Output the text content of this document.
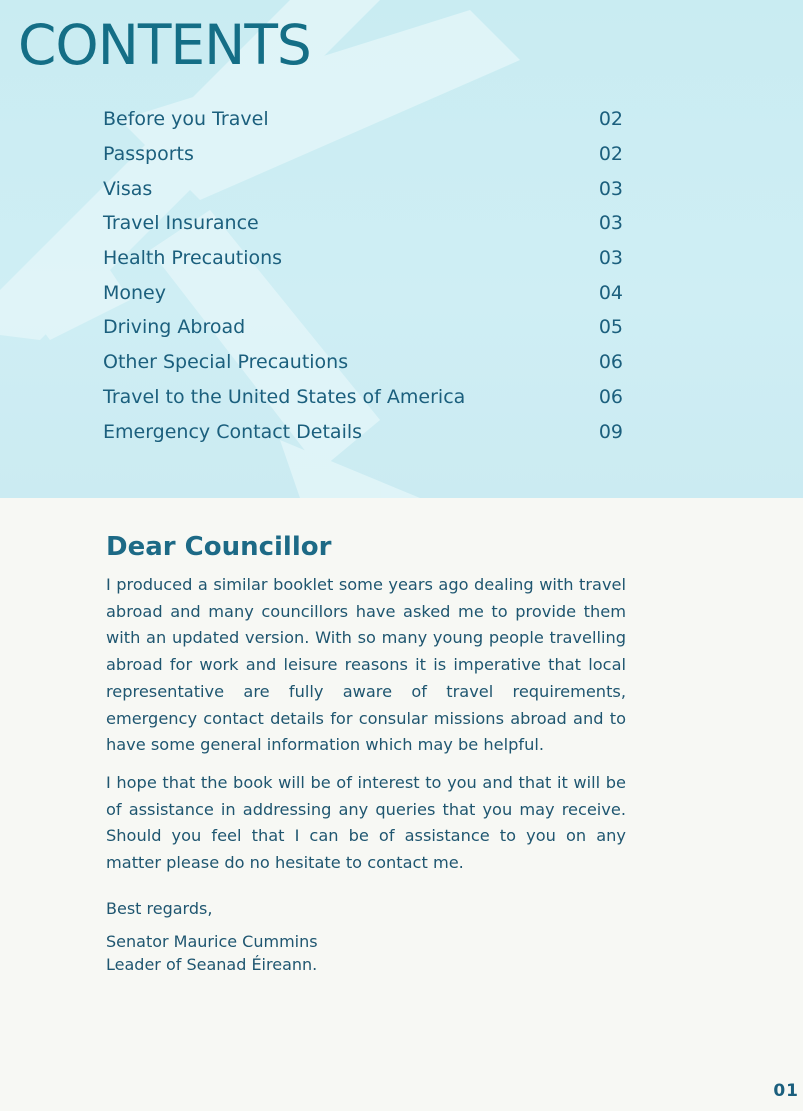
CONTENTS
Before you Travel	02
Passports	02
Visas	03
Travel Insurance	03
Health Precautions	03
Money	04
Driving Abroad	05
Other Special Precautions	06
Travel to the United States of America	06
Emergency Contact Details	09
Dear Councillor

I produced a similar booklet some years ago dealing with travel abroad and many councillors have asked me to provide them with an updated version. With so many young people travelling abroad for work and leisure reasons it is imperative that local representative are fully aware of travel requirements, emergency contact details for consular missions abroad and to have some general information which may be helpful.

I hope that the book will be of interest to you and that it will be of assistance in addressing any queries that you may receive. Should you feel that I can be of assistance to you on any matter please do no hesitate to contact me.

Best regards,
Senator Maurice Cummins
Leader of Seanad Éireann.
01
